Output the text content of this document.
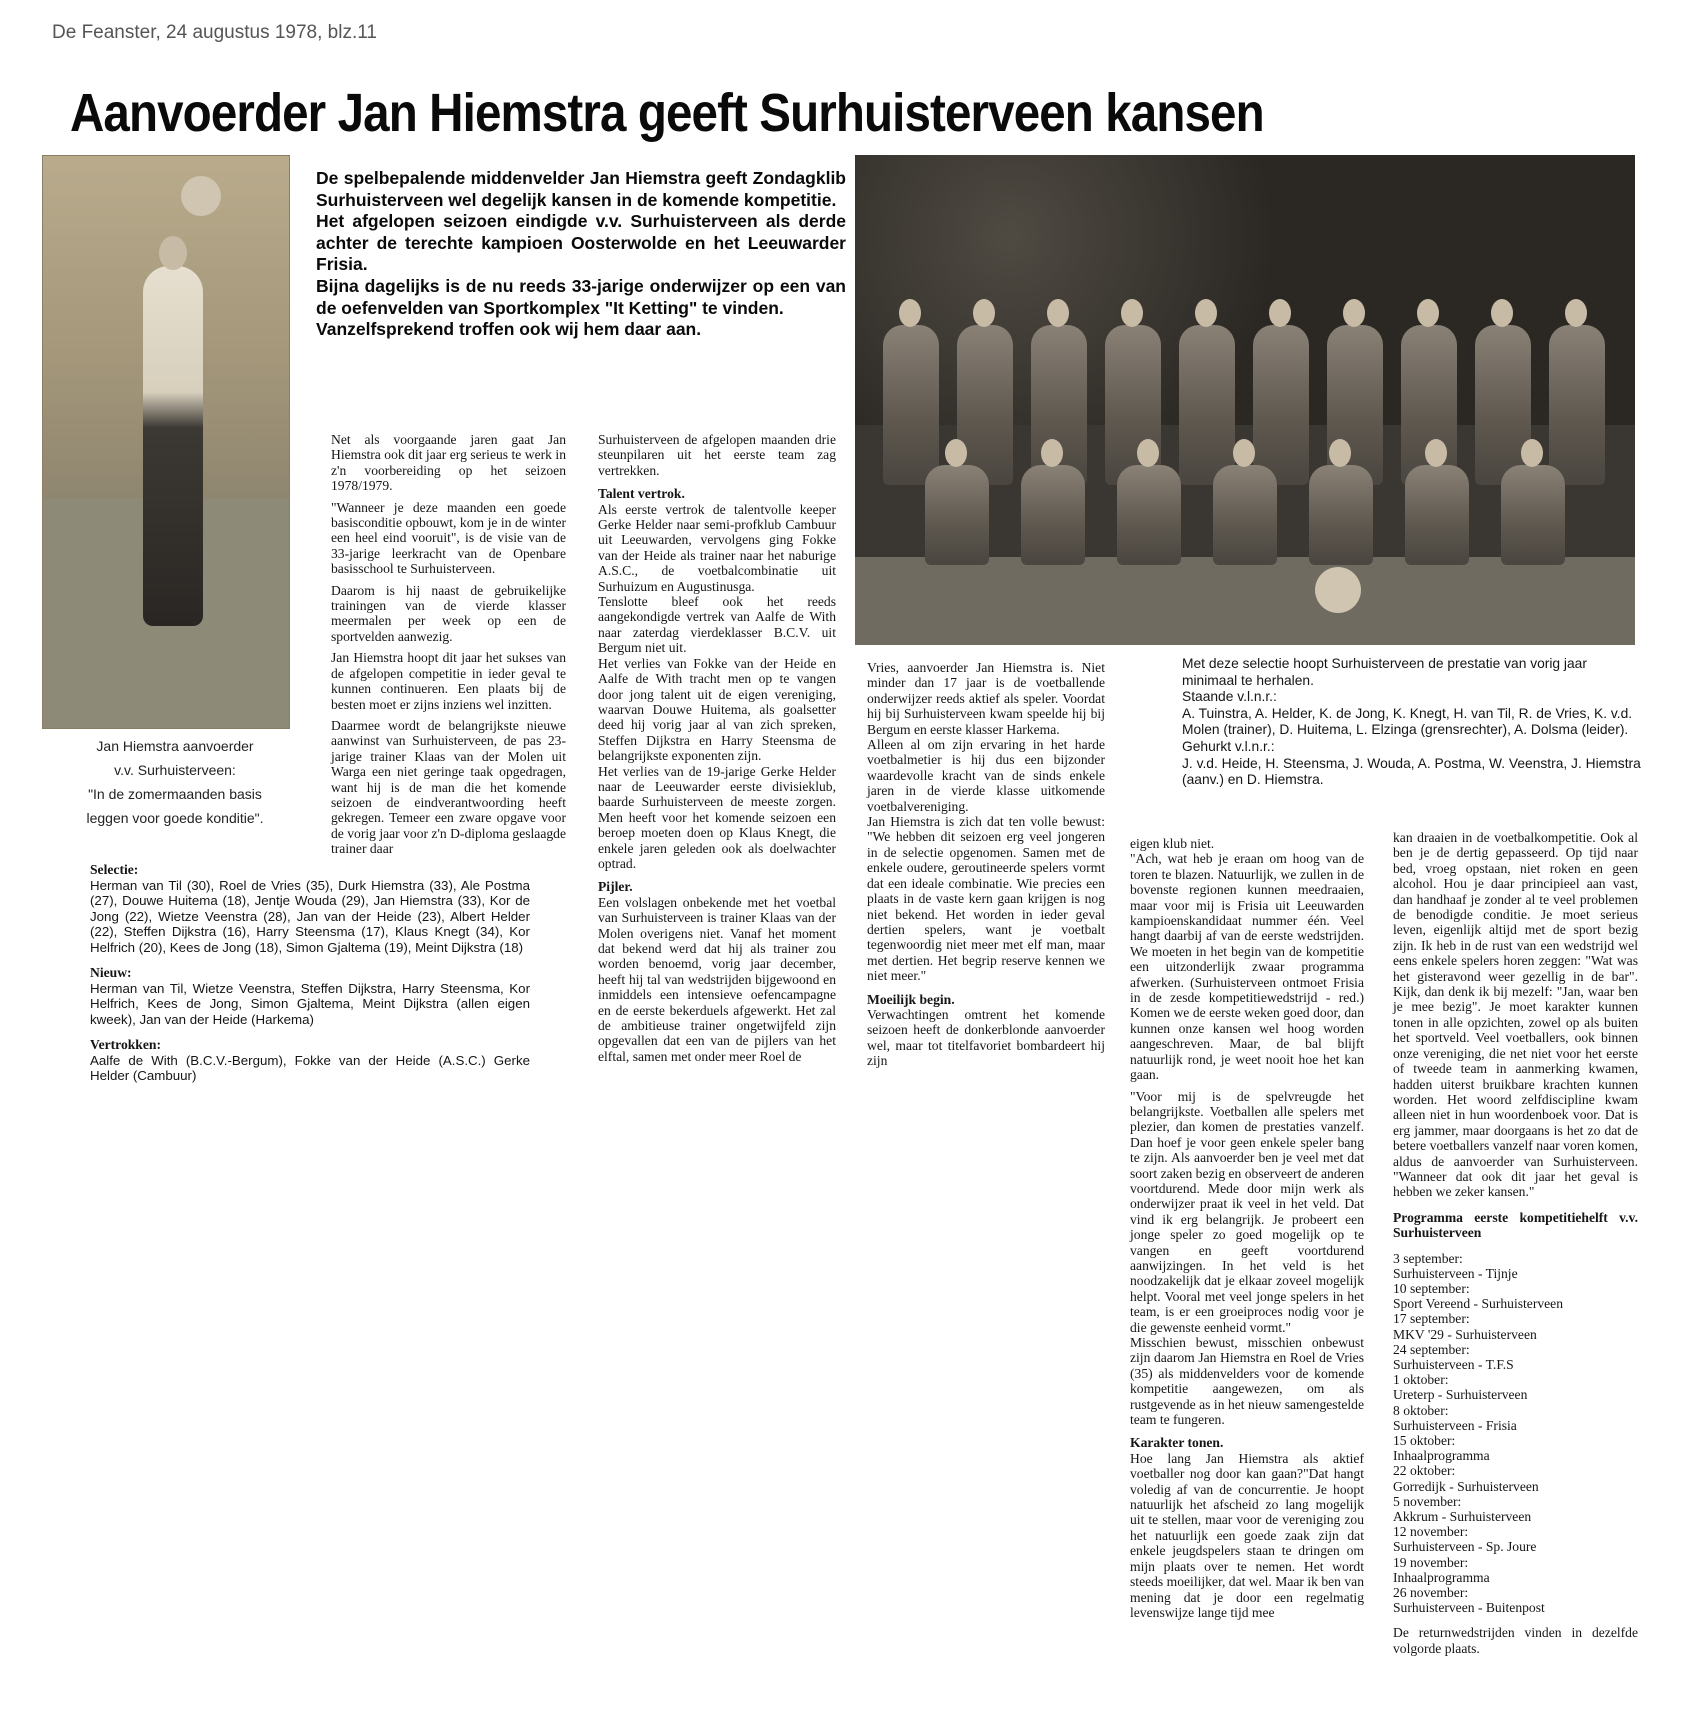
De Feanster, 24 augustus 1978, blz.11
Aanvoerder Jan Hiemstra geeft Surhuisterveen kansen
Jan Hiemstra aanvoerder
v.v. Surhuisterveen:
"In de zomermaanden basis
leggen voor goede konditie".

De spelbepalende middenvelder Jan Hiemstra geeft Zondagklib Surhuisterveen wel degelijk kansen in de komende kompetitie.

Het afgelopen seizoen eindigde v.v. Surhuisterveen als derde achter de terechte kampioen Oosterwolde en het Leeuwarder Frisia.

Bijna dagelijks is de nu reeds 33-jarige onderwijzer op een van de oefenvelden van Sportkomplex "It Ketting" te vinden.

Vanzelfsprekend troffen ook wij hem daar aan.

Met deze selectie hoopt Surhuisterveen de prestatie van vorig jaar minimaal te herhalen.

Staande v.l.n.r.:

A. Tuinstra, A. Helder, K. de Jong, K. Knegt, H. van Til, R. de Vries, K. v.d. Molen (trainer), D. Huitema, L. Elzinga (grensrechter), A. Dolsma (leider).

Gehurkt v.l.n.r.:

J. v.d. Heide, H. Steensma, J. Wouda, A. Postma, W. Veenstra, J. Hiemstra (aanv.) en D. Hiemstra.

Net als voorgaande jaren gaat Jan Hiemstra ook dit jaar erg serieus te werk in z'n voorbereiding op het seizoen 1978/1979.

"Wanneer je deze maanden een goede basisconditie opbouwt, kom je in de winter een heel eind vooruit", is de visie van de 33-jarige leerkracht van de Openbare basisschool te Surhuisterveen.

Daarom is hij naast de gebruikelijke trainingen van de vierde klasser meermalen per week op een de sportvelden aanwezig.

Jan Hiemstra hoopt dit jaar het sukses van de afgelopen competitie in ieder geval te kunnen continueren. Een plaats bij de besten moet er zijns inziens wel inzitten.

Daarmee wordt de belangrijkste nieuwe aanwinst van Surhuisterveen, de pas 23-jarige trainer Klaas van der Molen uit Warga een niet geringe taak opgedragen, want hij is de man die het komende seizoen de eindverantwoording heeft gekregen. Temeer een zware opgave voor de vorig jaar voor z'n D-diploma geslaagde trainer daar

Surhuisterveen de afgelopen maanden drie steunpilaren uit het eerste team zag vertrekken.

Talent vertrok.

Als eerste vertrok de talentvolle keeper Gerke Helder naar semi-profklub Cambuur uit Leeuwarden, vervolgens ging Fokke van der Heide als trainer naar het naburige A.S.C., de voetbalcombinatie uit Surhuizum en Augustinusga.

Tenslotte bleef ook het reeds aangekondigde vertrek van Aalfe de With naar zaterdag vierdeklasser B.C.V. uit Bergum niet uit.

Het verlies van Fokke van der Heide en Aalfe de With tracht men op te vangen door jong talent uit de eigen vereniging, waarvan Douwe Huitema, als goalsetter deed hij vorig jaar al van zich spreken, Steffen Dijkstra en Harry Steensma de belangrijkste exponenten zijn.

Het verlies van de 19-jarige Gerke Helder naar de Leeuwarder eerste divisieklub, baarde Surhuisterveen de meeste zorgen. Men heeft voor het komende seizoen een beroep moeten doen op Klaus Knegt, die enkele jaren geleden ook als doelwachter optrad.

Pijler.

Een volslagen onbekende met het voetbal van Surhuisterveen is trainer Klaas van der Molen overigens niet. Vanaf het moment dat bekend werd dat hij als trainer zou worden benoemd, vorig jaar december, heeft hij tal van wedstrijden bijgewoond en inmiddels een intensieve oefencampagne en de eerste bekerduels afgewerkt. Het zal de ambitieuse trainer ongetwijfeld zijn opgevallen dat een van de pijlers van het elftal, samen met onder meer Roel de

Vries, aanvoerder Jan Hiemstra is. Niet minder dan 17 jaar is de voetballende onderwijzer reeds aktief als speler. Voordat hij bij Surhuisterveen kwam speelde hij bij Bergum en eerste klasser Harkema.

Alleen al om zijn ervaring in het harde voetbalmetier is hij dus een bijzonder waardevolle kracht van de sinds enkele jaren in de vierde klasse uitkomende voetbalvereniging.

Jan Hiemstra is zich dat ten volle bewust: "We hebben dit seizoen erg veel jongeren in de selectie opgenomen. Samen met de enkele oudere, geroutineerde spelers vormt dat een ideale combinatie. Wie precies een plaats in de vaste kern gaan krijgen is nog niet bekend. Het worden in ieder geval dertien spelers, want je voetbalt tegenwoordig niet meer met elf man, maar met dertien. Het begrip reserve kennen we niet meer."

Moeilijk begin.

Verwachtingen omtrent het komende seizoen heeft de donkerblonde aanvoerder wel, maar tot titelfavoriet bombardeert hij zijn

eigen klub niet.

"Ach, wat heb je eraan om hoog van de toren te blazen. Natuurlijk, we zullen in de bovenste regionen kunnen meedraaien, maar voor mij is Frisia uit Leeuwarden kampioenskandidaat nummer één. Veel hangt daarbij af van de eerste wedstrijden. We moeten in het begin van de kompetitie een uitzonderlijk zwaar programma afwerken. (Surhuisterveen ontmoet Frisia in de zesde kompetitiewedstrijd - red.) Komen we de eerste weken goed door, dan kunnen onze kansen wel hoog worden aangeschreven. Maar, de bal blijft natuurlijk rond, je weet nooit hoe het kan gaan.

"Voor mij is de spelvreugde het belangrijkste. Voetballen alle spelers met plezier, dan komen de prestaties vanzelf. Dan hoef je voor geen enkele speler bang te zijn. Als aanvoerder ben je veel met dat soort zaken bezig en observeert de anderen voortdurend. Mede door mijn werk als onderwijzer praat ik veel in het veld. Dat vind ik erg belangrijk. Je probeert een jonge speler zo goed mogelijk op te vangen en geeft voortdurend aanwijzingen. In het veld is het noodzakelijk dat je elkaar zoveel mogelijk helpt. Vooral met veel jonge spelers in het team, is er een groeiproces nodig voor je die gewenste eenheid vormt."

Misschien bewust, misschien onbewust zijn daarom Jan Hiemstra en Roel de Vries (35) als middenvelders voor de komende kompetitie aangewezen, om als rustgevende as in het nieuw samengestelde team te fungeren.

Karakter tonen.

Hoe lang Jan Hiemstra als aktief voetballer nog door kan gaan?"Dat hangt voledig af van de concurrentie. Je hoopt natuurlijk het afscheid zo lang mogelijk uit te stellen, maar voor de vereniging zou het natuurlijk een goede zaak zijn dat enkele jeugdspelers staan te dringen om mijn plaats over te nemen. Het wordt steeds moeilijker, dat wel. Maar ik ben van mening dat je door een regelmatig levenswijze lange tijd mee

kan draaien in de voetbalkompetitie. Ook al ben je de dertig gepasseerd. Op tijd naar bed, vroeg opstaan, niet roken en geen alcohol. Hou je daar principieel aan vast, dan handhaaf je zonder al te veel problemen de benodigde conditie. Je moet serieus leven, eigenlijk altijd met de sport bezig zijn. Ik heb in de rust van een wedstrijd wel eens enkele spelers horen zeggen: "Wat was het gisteravond weer gezellig in de bar". Kijk, dan denk ik bij mezelf: "Jan, waar ben je mee bezig". Je moet karakter kunnen tonen in alle opzichten, zowel op als buiten het sportveld. Veel voetballers, ook binnen onze vereniging, die net niet voor het eerste of tweede team in aanmerking kwamen, hadden uiterst bruikbare krachten kunnen worden. Het woord zelfdiscipline kwam alleen niet in hun woordenboek voor. Dat is erg jammer, maar doorgaans is het zo dat de betere voetballers vanzelf naar voren komen, aldus de aanvoerder van Surhuisterveen. "Wanneer dat ook dit jaar het geval is hebben we zeker kansen."

Programma eerste kompetitiehelft v.v. Surhuisterveen
3 september:
Surhuisterveen - Tijnje
10 september:
Sport Vereend - Surhuisterveen
17 september:
MKV '29 - Surhuisterveen
24 september:
Surhuisterveen - T.F.S
1 oktober:
Ureterp - Surhuisterveen
8 oktober:
Surhuisterveen - Frisia
15 oktober:
Inhaalprogramma
22 oktober:
Gorredijk - Surhuisterveen
5 november:
Akkrum - Surhuisterveen
12 november:
Surhuisterveen - Sp. Joure
19 november:
Inhaalprogramma
26 november:
Surhuisterveen - Buitenpost

De returnwedstrijden vinden in dezelfde volgorde plaats.

Selectie:

Herman van Til (30), Roel de Vries (35), Durk Hiemstra (33), Ale Postma (27), Douwe Huitema (18), Jentje Wouda (29), Jan Hiemstra (33), Kor de Jong (22), Wietze Veenstra (28), Jan van der Heide (23), Albert Helder (22), Steffen Dijkstra (16), Harry Steensma (17), Klaus Knegt (34), Kor Helfrich (20), Kees de Jong (18), Simon Gjaltema (19), Meint Dijkstra (18)

Nieuw:

Herman van Til, Wietze Veenstra, Steffen Dijkstra, Harry Steensma, Kor Helfrich, Kees de Jong, Simon Gjaltema, Meint Dijkstra (allen eigen kweek), Jan van der Heide (Harkema)

Vertrokken:

Aalfe de With (B.C.V.-Bergum), Fokke van der Heide (A.S.C.) Gerke Helder (Cambuur)
